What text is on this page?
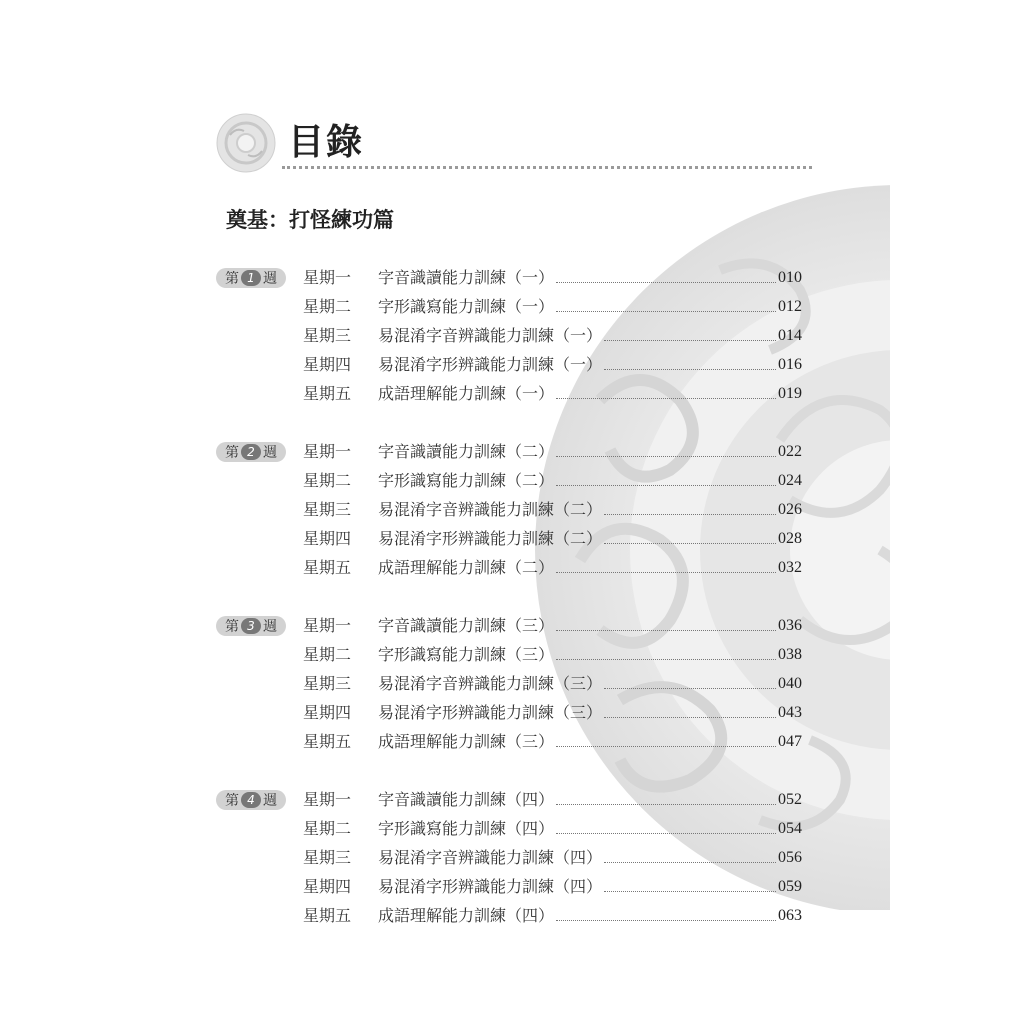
目錄
奠基：打怪練功篇
第 1 週 星期一 字音識讀能力訓練（一）	010
星期二 字形識寫能力訓練（一）	012
星期三 易混淆字音辨識能力訓練（一）	014
星期四 易混淆字形辨識能力訓練（一）	016
星期五 成語理解能力訓練（一）	019
第 2 週 星期一 字音識讀能力訓練（二）	022
星期二 字形識寫能力訓練（二）	024
星期三 易混淆字音辨識能力訓練（二）	026
星期四 易混淆字形辨識能力訓練（二）	028
星期五 成語理解能力訓練（二）	032
第 3 週 星期一 字音識讀能力訓練（三）	036
星期二 字形識寫能力訓練（三）	038
星期三 易混淆字音辨識能力訓練（三）	040
星期四 易混淆字形辨識能力訓練（三）	043
星期五 成語理解能力訓練（三）	047
第 4 週 星期一 字音識讀能力訓練（四）	052
星期二 字形識寫能力訓練（四）	054
星期三 易混淆字音辨識能力訓練（四）	056
星期四 易混淆字形辨識能力訓練（四）	059
星期五 成語理解能力訓練（四）	063
